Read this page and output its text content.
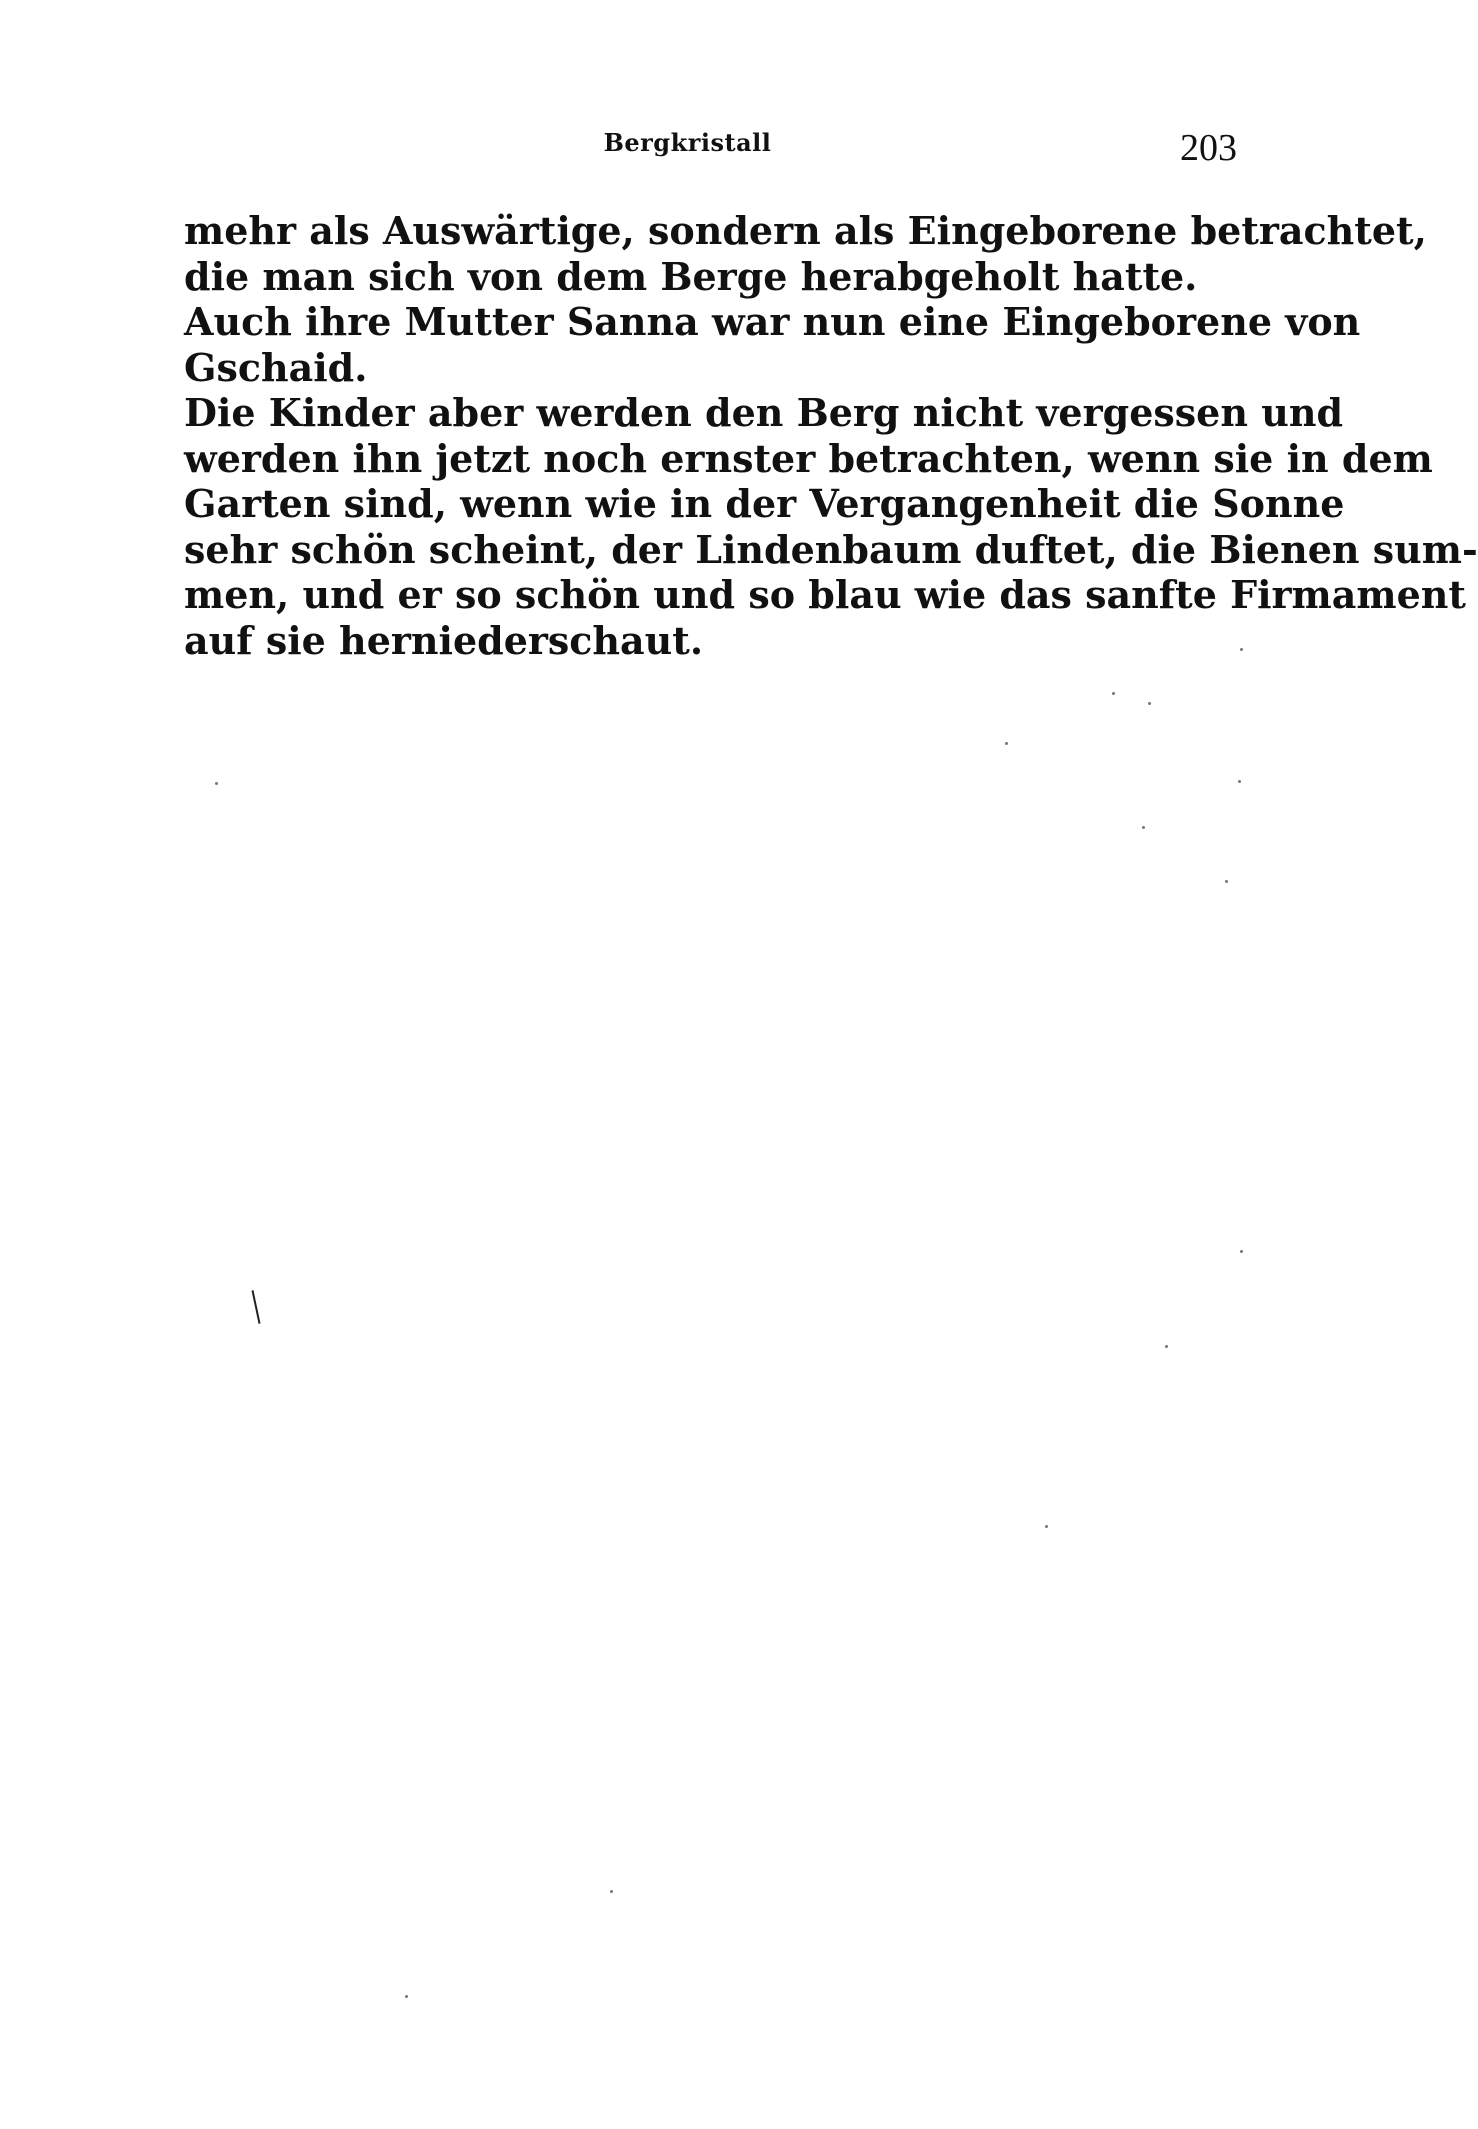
Bergkristall	203
mehr als Auswärtige, sondern als Eingeborene betrachtet,
die man sich von dem Berge herabgeholt hatte.
Auch ihre Mutter Sanna war nun eine Eingeborene von
Gschaid.
Die Kinder aber werden den Berg nicht vergessen und
werden ihn jetzt noch ernster betrachten, wenn sie in dem
Garten sind, wenn wie in der Vergangenheit die Sonne
sehr schön scheint, der Lindenbaum duftet, die Bienen sum-
men, und er so schön und so blau wie das sanfte Firmament
auf sie herniederschaut.
